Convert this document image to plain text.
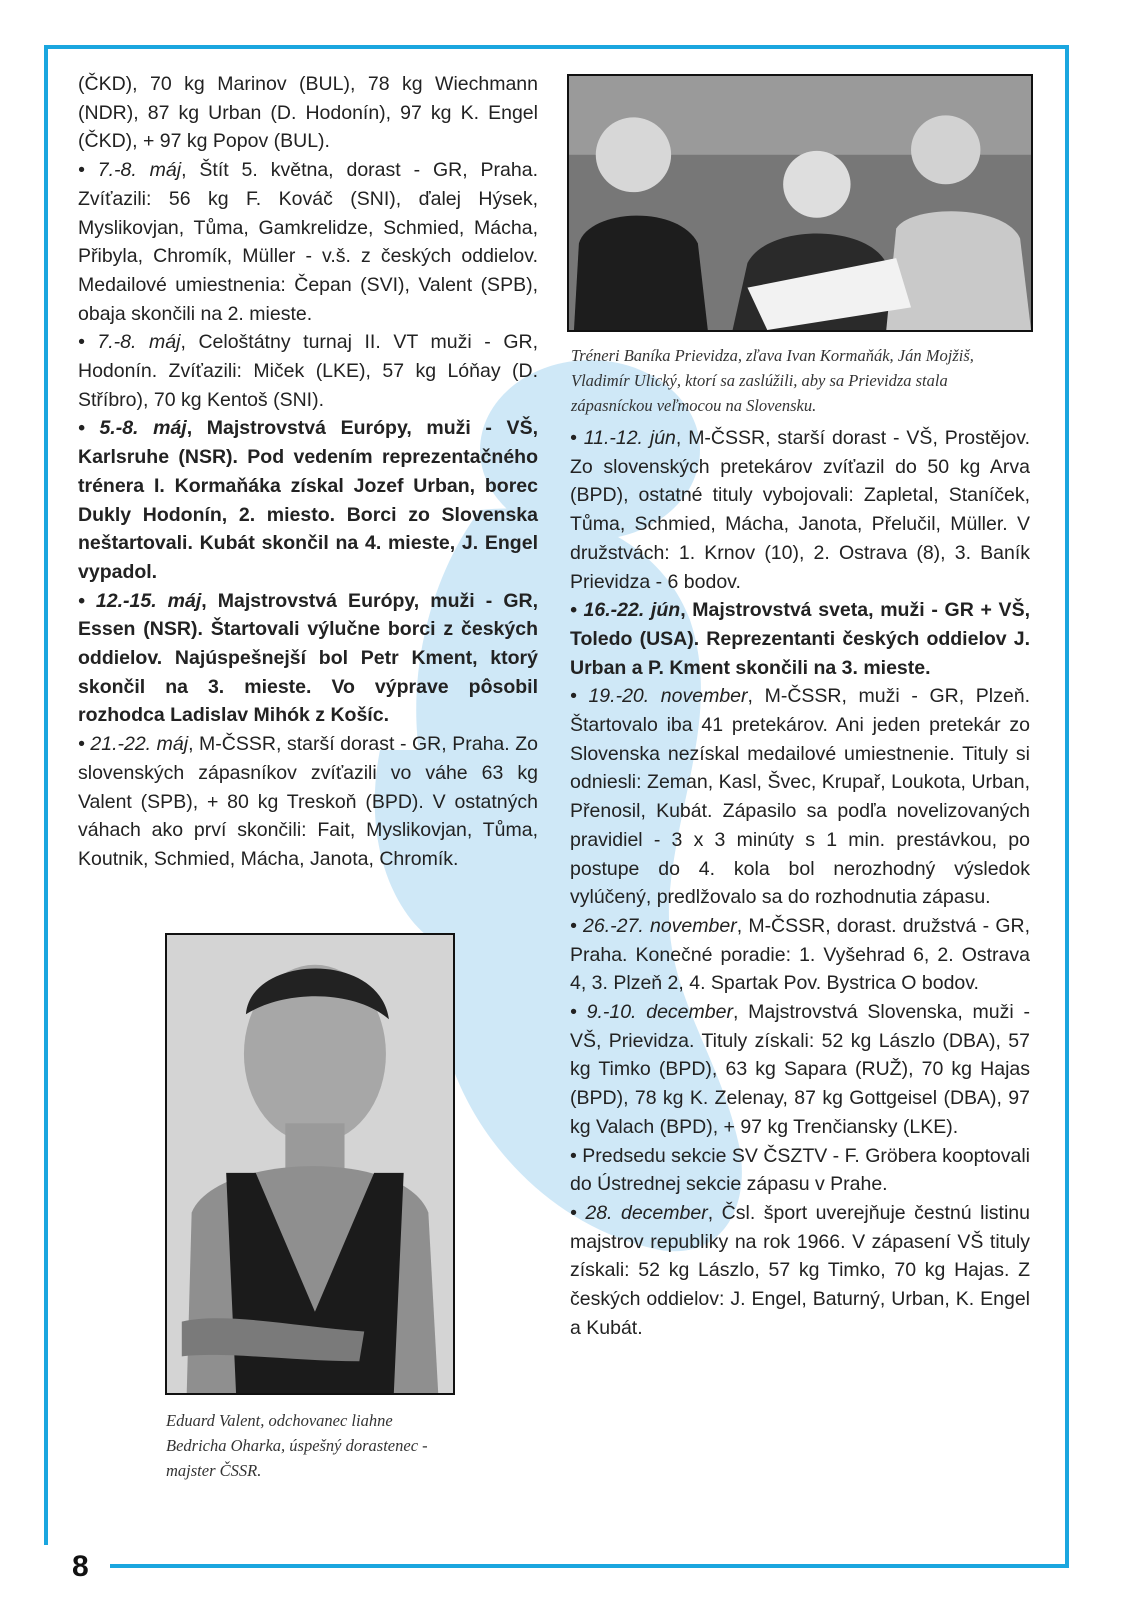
8

(ČKD), 70 kg Marinov (BUL), 78 kg Wiechmann (NDR), 87 kg Urban (D. Hodonín), 97 kg K. Engel (ČKD), + 97 kg Popov (BUL).

• 7.-8. máj, Štít 5. května, dorast - GR, Praha. Zvíťazili: 56 kg F. Kováč (SNI), ďalej Hýsek, Myslikovjan, Tůma, Gamkrelidze, Schmied, Mácha, Přibyla, Chromík, Müller - v.š. z českých oddielov. Medailové umiestnenia: Čepan (SVI), Valent (SPB), obaja skončili na 2. mieste.

• 7.-8. máj, Celoštátny turnaj II. VT muži - GR, Hodonín. Zvíťazili: Miček (LKE), 57 kg Lóňay (D. Stříbro), 70 kg Kentoš (SNI).

• 5.-8. máj, Majstrovstvá Európy, muži - VŠ, Karlsruhe (NSR). Pod vedením reprezentačného trénera I. Kormaňáka získal Jozef Urban, borec Dukly Hodonín, 2. miesto. Borci zo Slovenska neštartovali. Kubát skončil na 4. mieste, J. Engel vypadol.

• 12.-15. máj, Majstrovstvá Európy, muži - GR, Essen (NSR). Štartovali výlučne borci z českých oddielov. Najúspešnejší bol Petr Kment, ktorý skončil na 3. mieste. Vo výprave pôsobil rozhodca Ladislav Mihók z Košíc.

• 21.-22. máj, M-ČSSR, starší dorast - GR, Praha. Zo slovenských zápasníkov zvíťazili vo váhe 63 kg Valent (SPB), + 80 kg Treskoň (BPD). V ostatných váhach ako prví skončili: Fait, Myslikovjan, Tůma, Koutnik, Schmied, Mácha, Janota, Chromík.

Tréneri Baníka Prievidza, zľava Ivan Kormaňák, Ján Mojžiš, Vladimír Ulický, ktorí sa zaslúžili, aby sa Prievidza stala zápasníckou veľmocou na Slovensku.

• 11.-12. jún, M-ČSSR, starší dorast - VŠ, Prostějov. Zo slovenských pretekárov zvíťazil do 50 kg Arva (BPD), ostatné tituly vybojovali: Zapletal, Staníček, Tůma, Schmied, Mácha, Janota, Přelučil, Müller. V družstvách: 1. Krnov (10), 2. Ostrava (8), 3. Baník Prievidza - 6 bodov.

• 16.-22. jún, Majstrovstvá sveta, muži - GR + VŠ, Toledo (USA). Reprezentanti českých oddielov J. Urban a P. Kment skončili na 3. mieste.

• 19.-20. november, M-ČSSR, muži - GR, Plzeň. Štartovalo iba 41 pretekárov. Ani jeden pretekár zo Slovenska nezískal medailové umiestnenie. Tituly si odniesli: Zeman, Kasl, Švec, Krupař, Loukota, Urban, Přenosil, Kubát. Zápasilo sa podľa novelizovaných pravidiel - 3 x 3 minúty s 1 min. prestávkou, po postupe do 4. kola bol nerozhodný výsledok vylúčený, predlžovalo sa do rozhodnutia zápasu.

• 26.-27. november, M-ČSSR, dorast. družstvá - GR, Praha. Konečné poradie: 1. Vyšehrad 6, 2. Ostrava 4, 3. Plzeň 2, 4. Spartak Pov. Bystrica O bodov.

• 9.-10. december, Majstrovstvá Slovenska, muži - VŠ, Prievidza. Tituly získali: 52 kg Lászlo (DBA), 57 kg Timko (BPD), 63 kg Sapara (RUŽ), 70 kg Hajas (BPD), 78 kg K. Zelenay, 87 kg Gottgeisel (DBA), 97 kg Valach (BPD), + 97 kg Trenčiansky (LKE).

• Predsedu sekcie SV ČSZTV - F. Gröbera kooptovali do Ústrednej sekcie zápasu v Prahe.

• 28. december, Čsl. šport uverejňuje čestnú listinu majstrov republiky na rok 1966. V zápasení VŠ tituly získali: 52 kg Lászlo, 57 kg Timko, 70 kg Hajas. Z českých oddielov: J. Engel, Baturný, Urban, K. Engel a Kubát.

Eduard Valent, odchovanec liahne Bedricha Oharka, úspešný dorastenec - majster ČSSR.
